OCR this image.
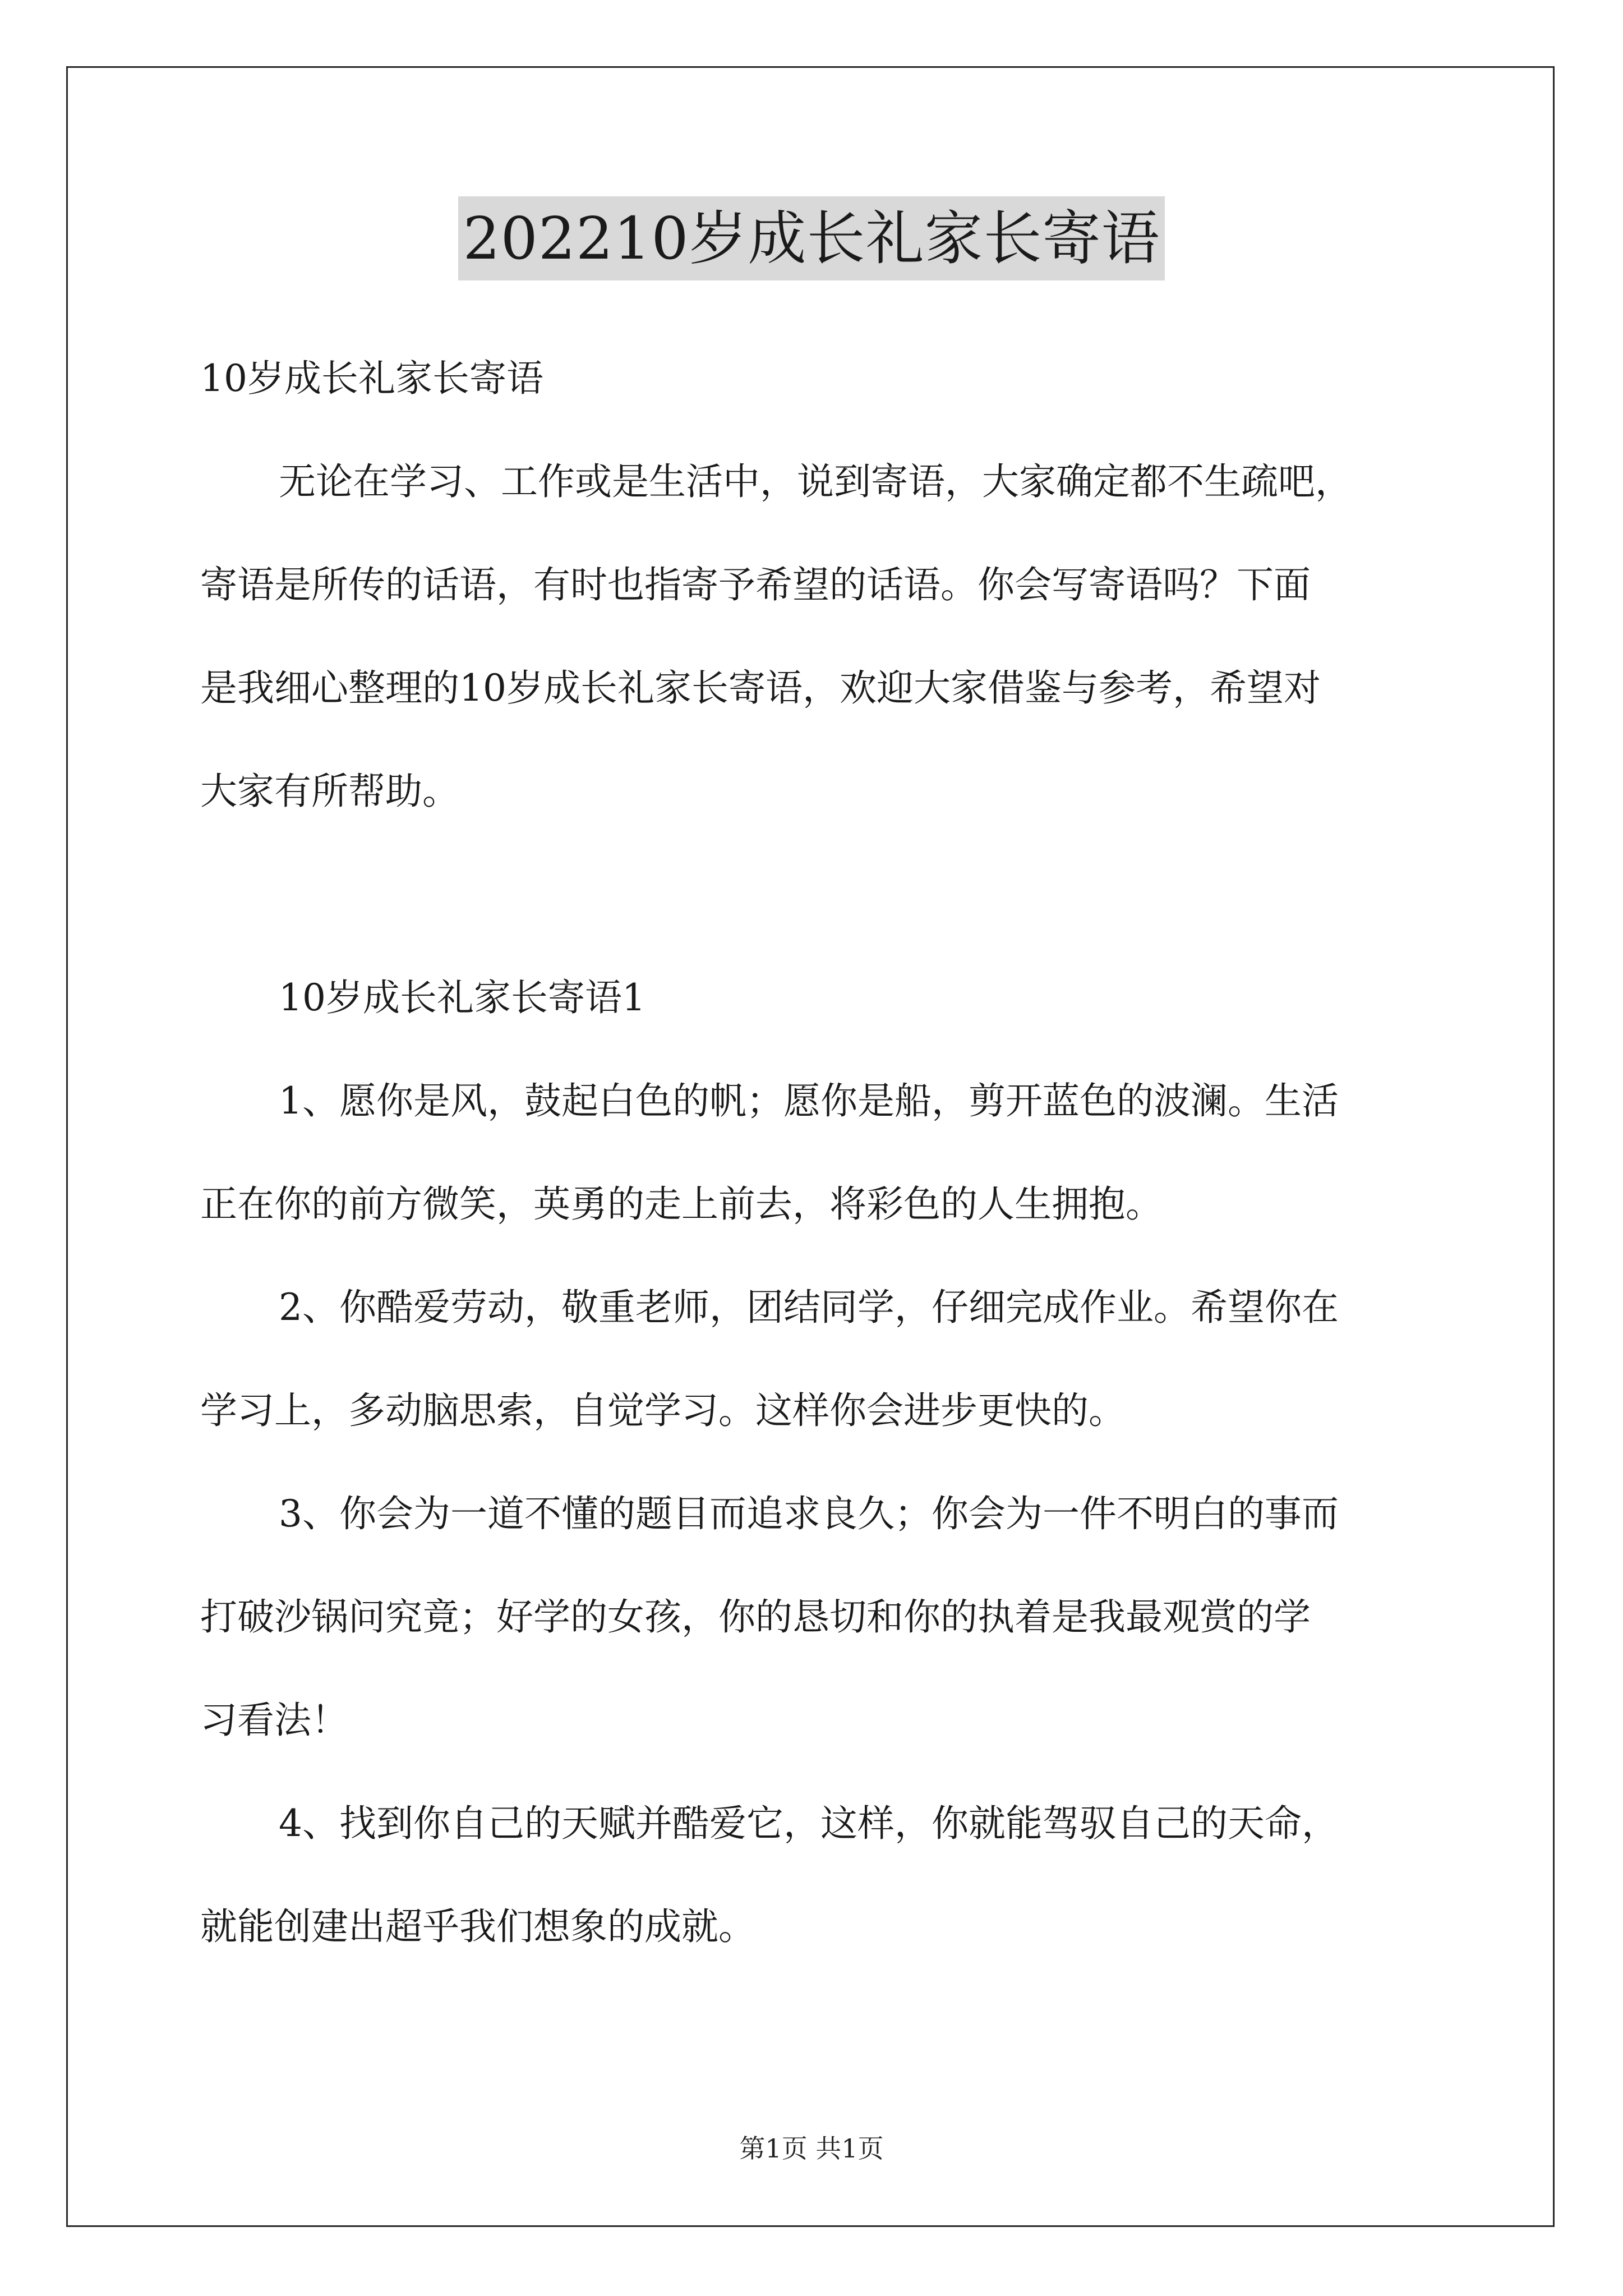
202210岁成长礼家长寄语
10岁成长礼家长寄语
无论在学习、工作或是生活中，说到寄语，大家确定都不生疏吧，
寄语是所传的话语，有时也指寄予希望的话语。你会写寄语吗？下面
是我细心整理的10岁成长礼家长寄语，欢迎大家借鉴与参考，希望对
大家有所帮助。
10岁成长礼家长寄语1
1、愿你是风，鼓起白色的帆；愿你是船，剪开蓝色的波澜。生活
正在你的前方微笑，英勇的走上前去，将彩色的人生拥抱。
2、你酷爱劳动，敬重老师，团结同学，仔细完成作业。希望你在
学习上，多动脑思索，自觉学习。这样你会进步更快的。
3、你会为一道不懂的题目而追求良久；你会为一件不明白的事而
打破沙锅问究竟；好学的女孩，你的恳切和你的执着是我最观赏的学
习看法！
4、找到你自己的天赋并酷爱它，这样，你就能驾驭自己的天命，
就能创建出超乎我们想象的成就。
第1页 共1页
